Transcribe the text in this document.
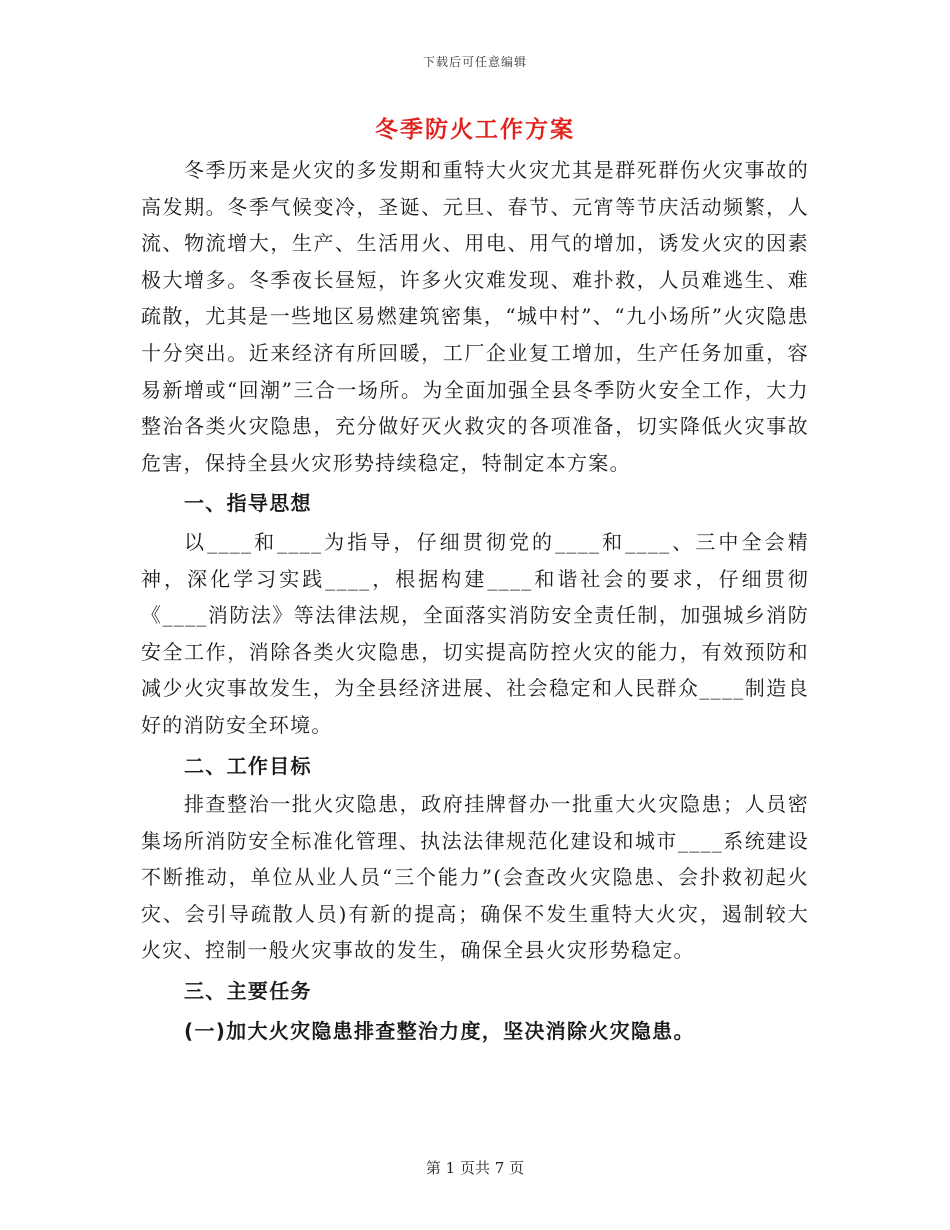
下载后可任意编辑
冬季防火工作方案

冬季历来是火灾的多发期和重特大火灾尤其是群死群伤火灾事故的高发期。冬季气候变冷，圣诞、元旦、春节、元宵等节庆活动频繁，人流、物流增大，生产、生活用火、用电、用气的增加，诱发火灾的因素极大增多。冬季夜长昼短，许多火灾难发现、难扑救，人员难逃生、难疏散，尤其是一些地区易燃建筑密集，“城中村”、“九小场所”火灾隐患十分突出。近来经济有所回暖，工厂企业复工增加，生产任务加重，容易新增或“回潮”三合一场所。为全面加强全县冬季防火安全工作，大力整治各类火灾隐患，充分做好灭火救灾的各项准备，切实降低火灾事故危害，保持全县火灾形势持续稳定，特制定本方案。

一、指导思想

以____和____为指导，仔细贯彻党的____和____、三中全会精神，深化学习实践____，根据构建____和谐社会的要求，仔细贯彻《____消防法》等法律法规，全面落实消防安全责任制，加强城乡消防安全工作，消除各类火灾隐患，切实提高防控火灾的能力，有效预防和减少火灾事故发生，为全县经济进展、社会稳定和人民群众____制造良好的消防安全环境。

二、工作目标

排查整治一批火灾隐患，政府挂牌督办一批重大火灾隐患；人员密集场所消防安全标准化管理、执法法律规范化建设和城市____系统建设不断推动，单位从业人员“三个能力”(会查改火灾隐患、会扑救初起火灾、会引导疏散人员)有新的提高；确保不发生重特大火灾，遏制较大火灾、控制一般火灾事故的发生，确保全县火灾形势稳定。

三、主要任务

(一)加大火灾隐患排查整治力度，坚决消除火灾隐患。

第 1 页共 7 页
